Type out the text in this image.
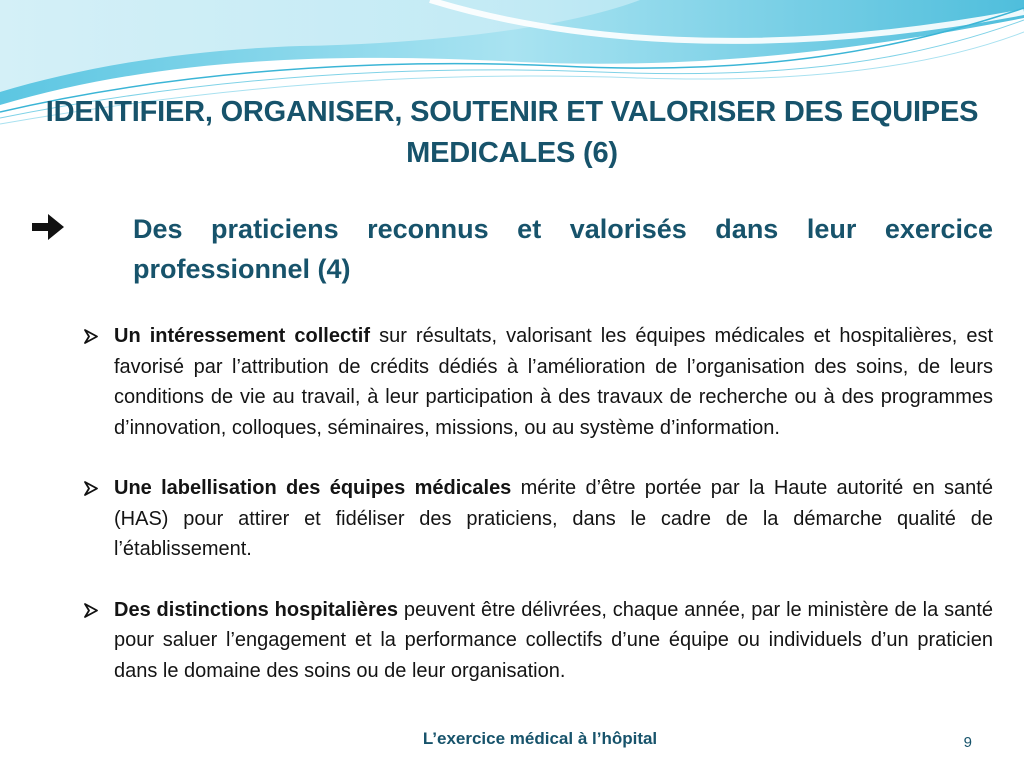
IDENTIFIER, ORGANISER, SOUTENIR ET VALORISER DES EQUIPES MEDICALES (6)
Des praticiens reconnus et valorisés dans leur exercice professionnel (4)
Un intéressement collectif sur résultats, valorisant les équipes médicales et hospitalières, est favorisé par l’attribution de crédits dédiés à l’amélioration de l’organisation des soins, de leurs conditions de vie au travail, à leur participation à des travaux de recherche ou à des programmes d’innovation, colloques, séminaires, missions, ou au système d’information.
Une labellisation des équipes médicales mérite d’être portée par la Haute autorité en santé (HAS) pour attirer et fidéliser des praticiens, dans le cadre de la démarche qualité de l’établissement.
Des distinctions hospitalières peuvent être délivrées, chaque année, par le ministère de la santé pour saluer l’engagement et la performance collectifs d’une équipe ou individuels d’un praticien dans le domaine des soins ou de leur organisation.
L’exercice médical à l’hôpital	9
